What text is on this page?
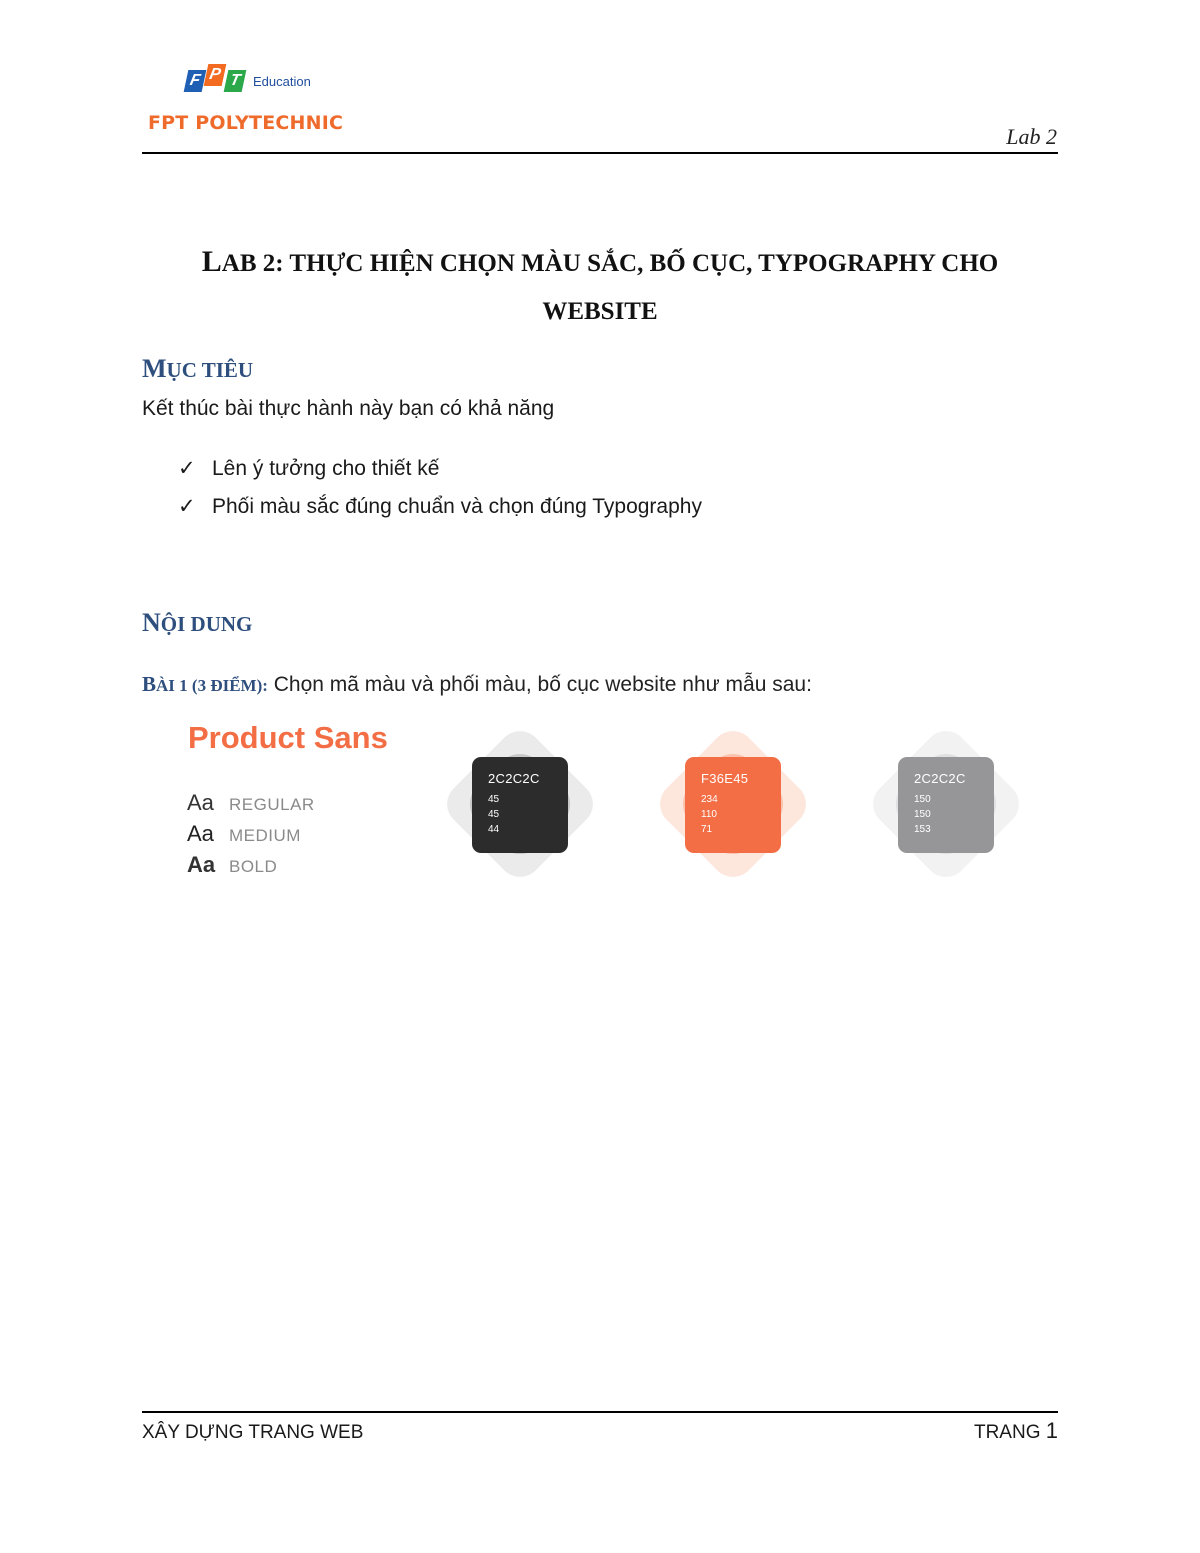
F P T Education
FPT POLYTECHNIC
Lab 2
LAB 2: THỰC HIỆN CHỌN MÀU SẮC, BỐ CỤC, TYPOGRAPHY CHO
WEBSITE
MỤC TIÊU
Kết thúc bài thực hành này bạn có khả năng
✓ Lên ý tưởng cho thiết kế
✓ Phối màu sắc đúng chuẩn và chọn đúng Typography
NỘI DUNG
BÀI 1 (3 ĐIỂM): Chọn mã màu và phối màu, bố cục website như mẫu sau:
Product Sans
Aa REGULAR
Aa MEDIUM
Aa BOLD
2C2C2C
45
45
44
F36E45
234
110
71
2C2C2C
150
150
153
XÂY DỰNG TRANG WEB	TRANG 1
